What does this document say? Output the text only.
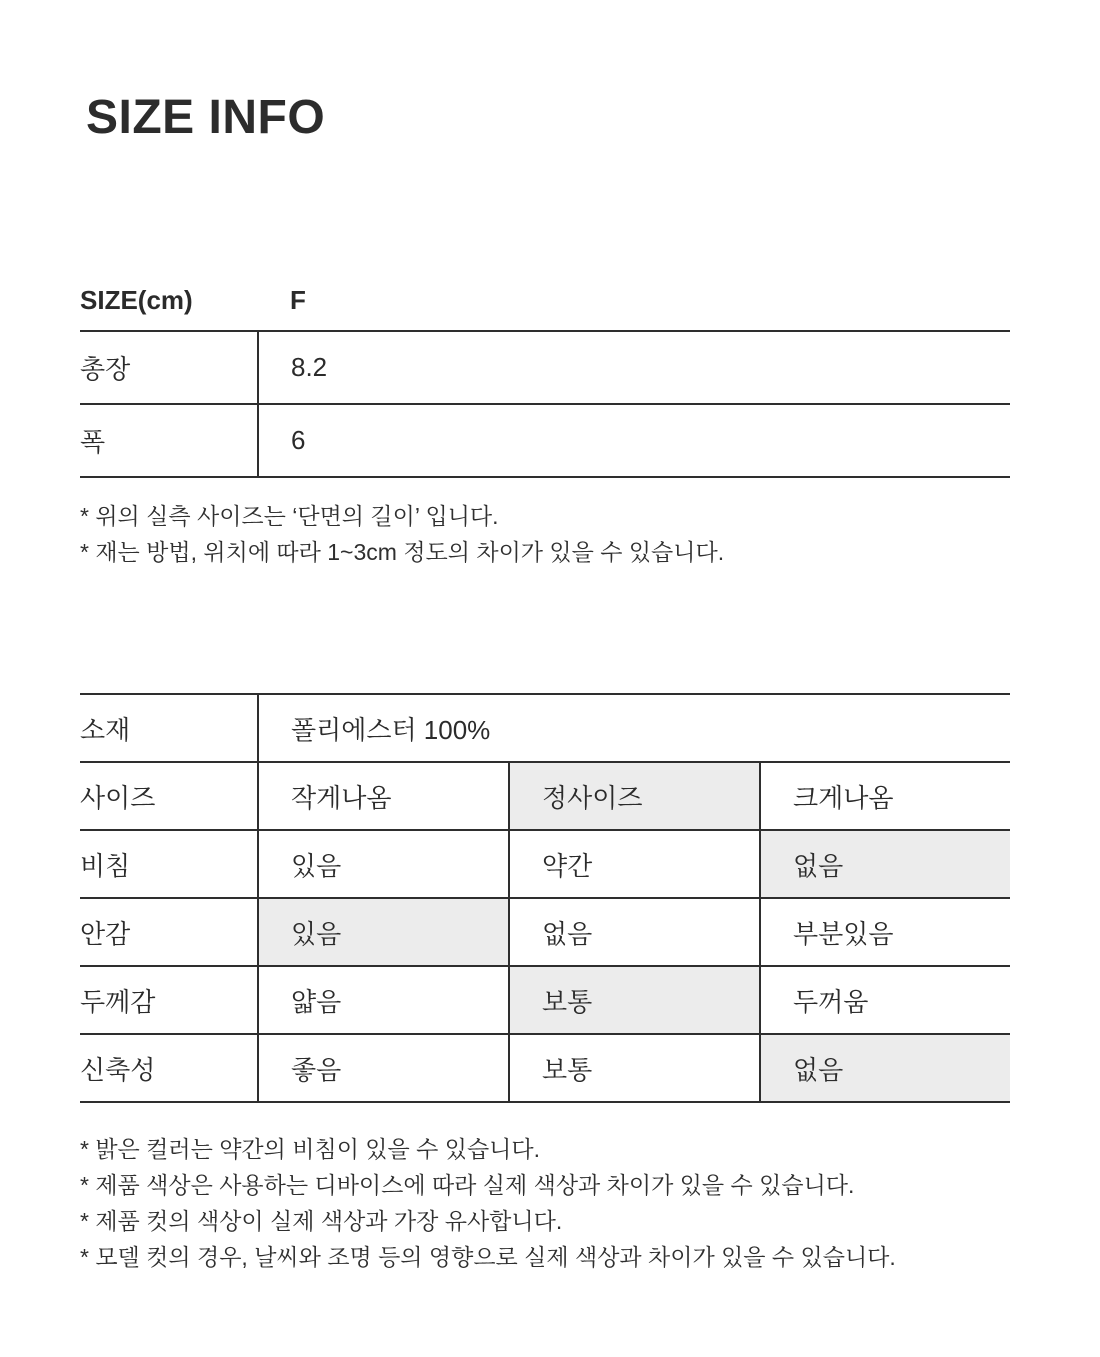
SIZE INFO
SIZE(cm)	F
총장	8.2
폭	6

* 위의 실측 사이즈는 ‘단면의 길이’ 입니다.

* 재는 방법, 위치에 따라 1~3cm 정도의 차이가 있을 수 있습니다.

소재	폴리에스터 100%		
사이즈	작게나옴	정사이즈	크게나옴
비침	있음	약간	없음
안감	있음	없음	부분있음
두께감	얇음	보통	두꺼움
신축성	좋음	보통	없음

* 밝은 컬러는 약간의 비침이 있을 수 있습니다.

* 제품 색상은 사용하는 디바이스에 따라 실제 색상과 차이가 있을 수 있습니다.

* 제품 컷의 색상이 실제 색상과 가장 유사합니다.

* 모델 컷의 경우, 날씨와 조명 등의 영향으로 실제 색상과 차이가 있을 수 있습니다.
